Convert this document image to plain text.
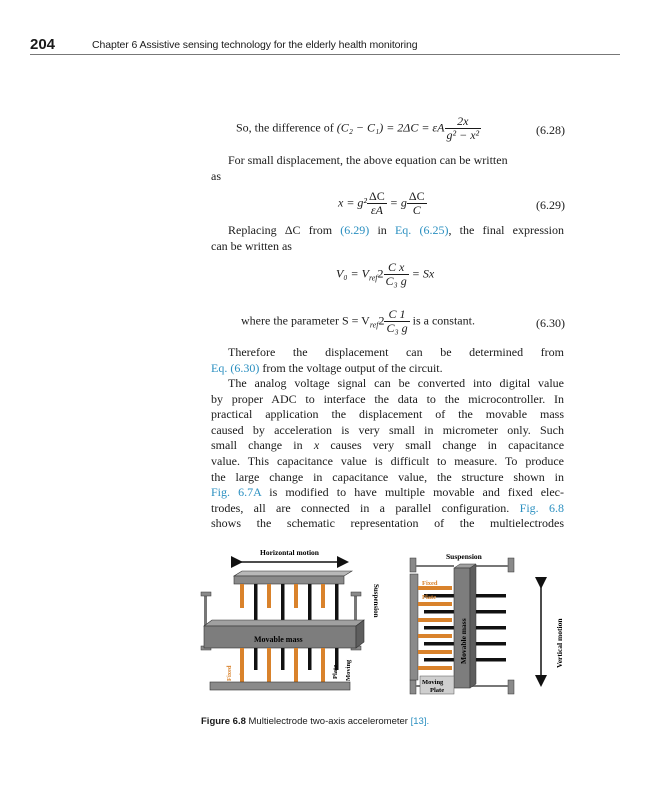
204	Chapter 6 Assistive sensing technology for the elderly health monitoring
So, the difference of (C₂ − C₁) = 2ΔC = εA $\frac{2x}{\text{g² − x²}}$	(6.28)
For small displacement, the above equation can be written
as
$x = g^2 \frac{\Delta C}{\varepsilon A} = g \frac{\Delta C}{C}$	(6.29)
Replacing ΔC from (6.29) in Eq. (6.25), the final expression
can be written as
$V_0 = V_{ref}2 \frac{\text{C x}}{\text{C₃ g}} = Sx$
where the parameter $S = V_{ref}2 \frac{C 1}{\text{C₃ g}}$ is a constant.	(6.30)
Therefore the displacement can be determined from
Eq. (6.30) from the voltage output of the circuit.
The analog voltage signal can be converted into digital value
by proper ADC to interface the data to the microcontroller. In
practical application the displacement of the movable mass
caused by acceleration is very small in micrometer only. Such
small change in x causes very small change in capacitance
value. This capacitance value is difficult to measure. To produce
the large change in capacitance value, the structure shown in
Fig. 6.7A is modified to have multiple movable and fixed elec-
trodes, all are connected in a parallel configuration. Fig. 6.8
shows the schematic representation of the multielectrodes
Horizontal motion
Movable mass
Suspension
Fixed Plate	Plate Moving
Suspension
Movable mass
Fixed
Plate
Moving
Plate
Vertical motion
Figure 6.8 Multielectrode two-axis accelerometer [13].
